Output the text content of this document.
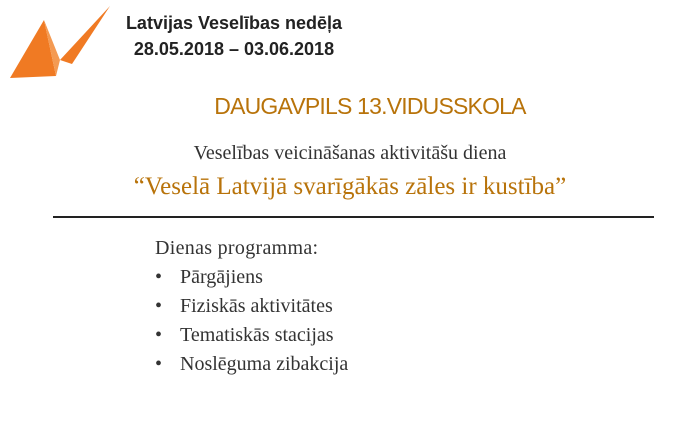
Latvijas Veselības nedēļa
28.05.2018 – 03.06.2018
DAUGAVPILS 13.VIDUSSKOLA
Veselības veicināšanas aktivitāšu diena
“Veselā Latvijā svarīgākās zāles ir kustība”
Dienas programma:
• Pārgājiens
• Fiziskās aktivitātes
• Tematiskās stacijas
• Noslēguma zibakcija
